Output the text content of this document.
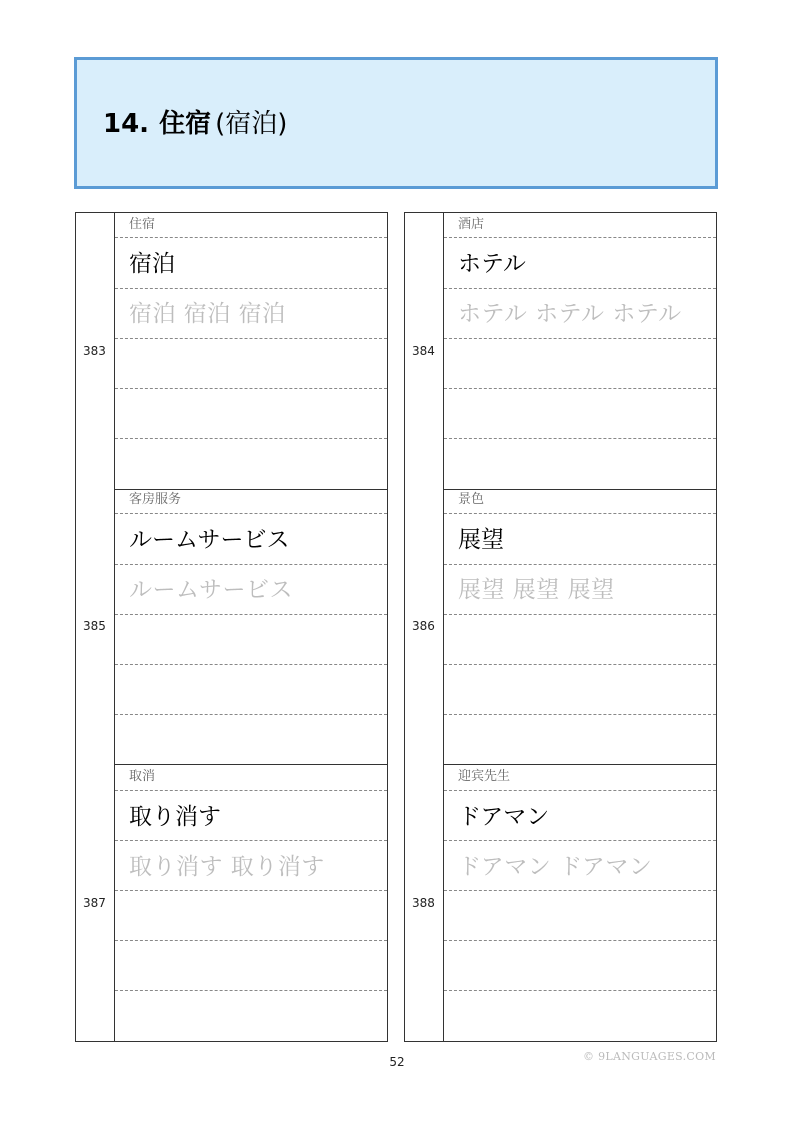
14. 住宿 (宿泊)
383
住宿
宿泊
宿泊 宿泊 宿泊
385
客房服务
ルームサービス
ルームサービス
387
取消
取り消す
取り消す 取り消す
384
酒店
ホテル
ホテル ホテル ホテル
386
景色
展望
展望 展望 展望
388
迎宾先生
ドアマン
ドアマン ドアマン
52	© 9LANGUAGES.COM
